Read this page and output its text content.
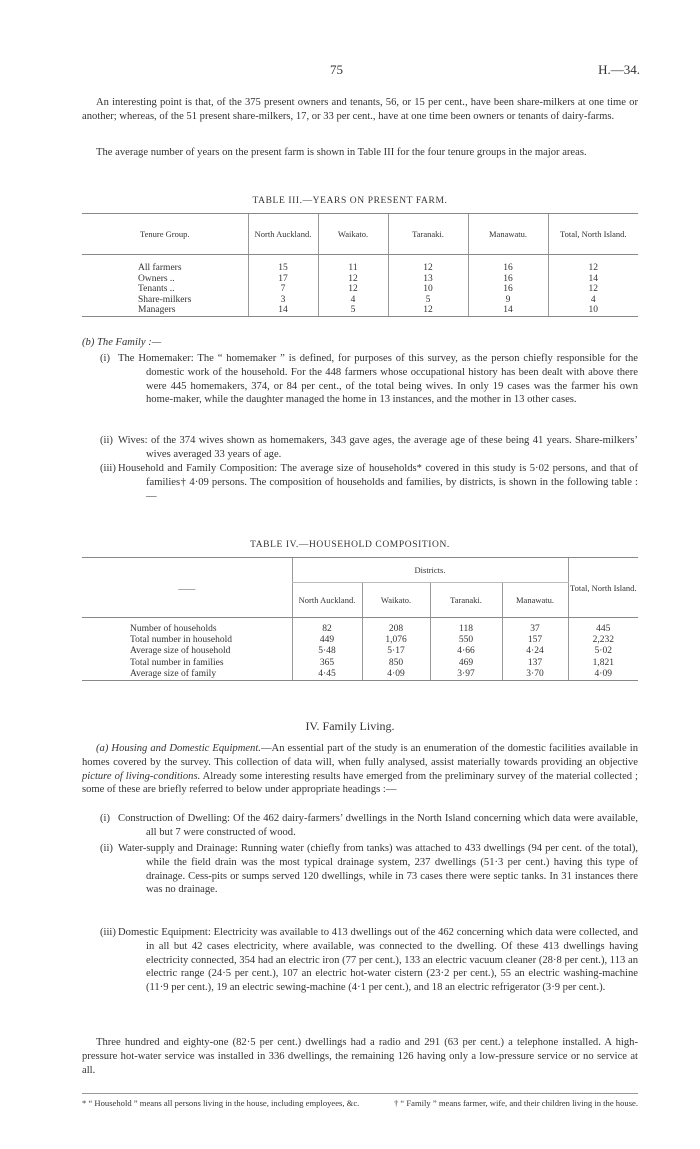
75	H.—34.
An interesting point is that, of the 375 present owners and tenants, 56, or 15 per cent., have been share-milkers at one time or another; whereas, of the 51 present share-milkers, 17, or 33 per cent., have at one time been owners or tenants of dairy-farms.
The average number of years on the present farm is shown in Table III for the four tenure groups in the major areas.
TABLE III.—YEARS ON PRESENT FARM.
Tenure Group.	North Auckland.	Waikato.	Taranaki.	Manawatu.	Total, North Island.

All farmers	15	11	12	16	12
Owners ..	17	12	13	16	14
Tenants ..	7	12	10	16	12
Share-milkers	3	4	5	9	4
Managers	14	5	12	14	10
(b) The Family :—
(i) The Homemaker: The “ homemaker ” is defined, for purposes of this survey, as the person chiefly responsible for the domestic work of the household. For the 448 farmers whose occupational history has been dealt with above there were 445 homemakers, 374, or 84 per cent., of the total being wives. In only 19 cases was the farmer his own home-maker, while the daughter managed the home in 13 instances, and the mother in 13 other cases.
(ii) Wives: of the 374 wives shown as homemakers, 343 gave ages, the average age of these being 41 years. Share-milkers’ wives averaged 33 years of age.
(iii) Household and Family Composition: The average size of households* covered in this study is 5·02 persons, and that of families† 4·09 persons. The composition of households and families, by districts, is shown in the following table :—
TABLE IV.—HOUSEHOLD COMPOSITION.
——	Districts.				Total, North Island.
	North Auckland.	Waikato.	Taranaki.	Manawatu.	

Number of households	82	208	118	37	445
Total number in household	449	1,076	550	157	2,232
Average size of household	5·48	5·17	4·66	4·24	5·02
Total number in families	365	850	469	137	1,821
Average size of family	4·45	4·09	3·97	3·70	4·09
IV. Family Living.
(a) Housing and Domestic Equipment.—An essential part of the study is an enumeration of the domestic facilities available in homes covered by the survey. This collection of data will, when fully analysed, assist materially towards providing an objective picture of living-conditions. Already some interesting results have emerged from the preliminary survey of the material collected ; some of these are briefly referred to below under appropriate headings :—
(i) Construction of Dwelling: Of the 462 dairy-farmers’ dwellings in the North Island concerning which data were available, all but 7 were constructed of wood.
(ii) Water-supply and Drainage: Running water (chiefly from tanks) was attached to 433 dwellings (94 per cent. of the total), while the field drain was the most typical drainage system, 237 dwellings (51·3 per cent.) having this type of drainage. Cess-pits or sumps served 120 dwellings, while in 73 cases there were septic tanks. In 31 instances there was no drainage.
(iii) Domestic Equipment: Electricity was available to 413 dwellings out of the 462 concerning which data were collected, and in all but 42 cases electricity, where available, was connected to the dwelling. Of these 413 dwellings having electricity connected, 354 had an electric iron (77 per cent.), 133 an electric vacuum cleaner (28·8 per cent.), 113 an electric range (24·5 per cent.), 107 an electric hot-water cistern (23·2 per cent.), 55 an electric washing-machine (11·9 per cent.), 19 an electric sewing-machine (4·1 per cent.), and 18 an electric refrigerator (3·9 per cent.).
Three hundred and eighty-one (82·5 per cent.) dwellings had a radio and 291 (63 per cent.) a telephone installed. A high-pressure hot-water service was installed in 336 dwellings, the remaining 126 having only a low-pressure service or no service at all.
* “ Household ” means all persons living in the house, including employees, &c.	† “ Family ” means farmer, wife, and their children living in the house.
